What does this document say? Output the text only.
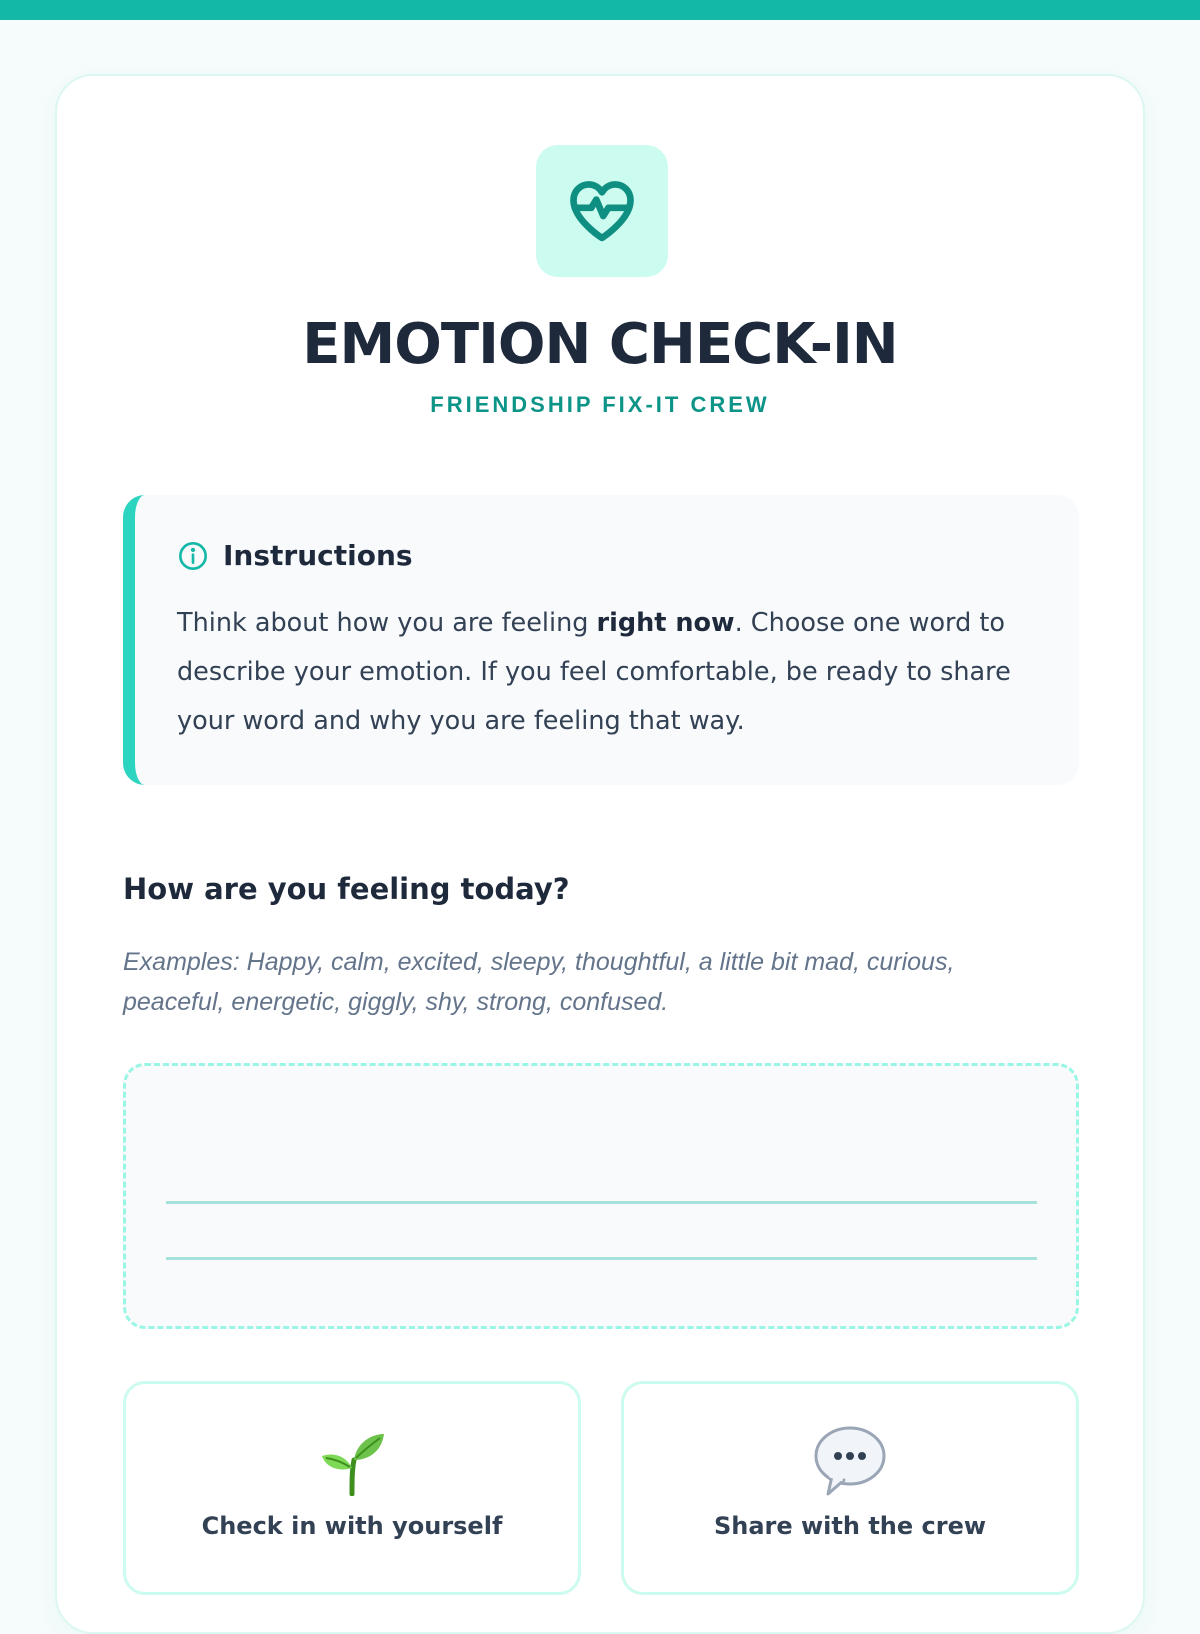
EMOTION CHECK-IN
FRIENDSHIP FIX-IT CREW
Instructions
Think about how you are feeling right now. Choose one word to describe your emotion. If you feel comfortable, be ready to share your word and why you are feeling that way.
How are you feeling today?
Examples: Happy, calm, excited, sleepy, thoughtful, a little bit mad, curious, peaceful, energetic, giggly, shy, strong, confused.
Check in with yourself	Share with the crew
